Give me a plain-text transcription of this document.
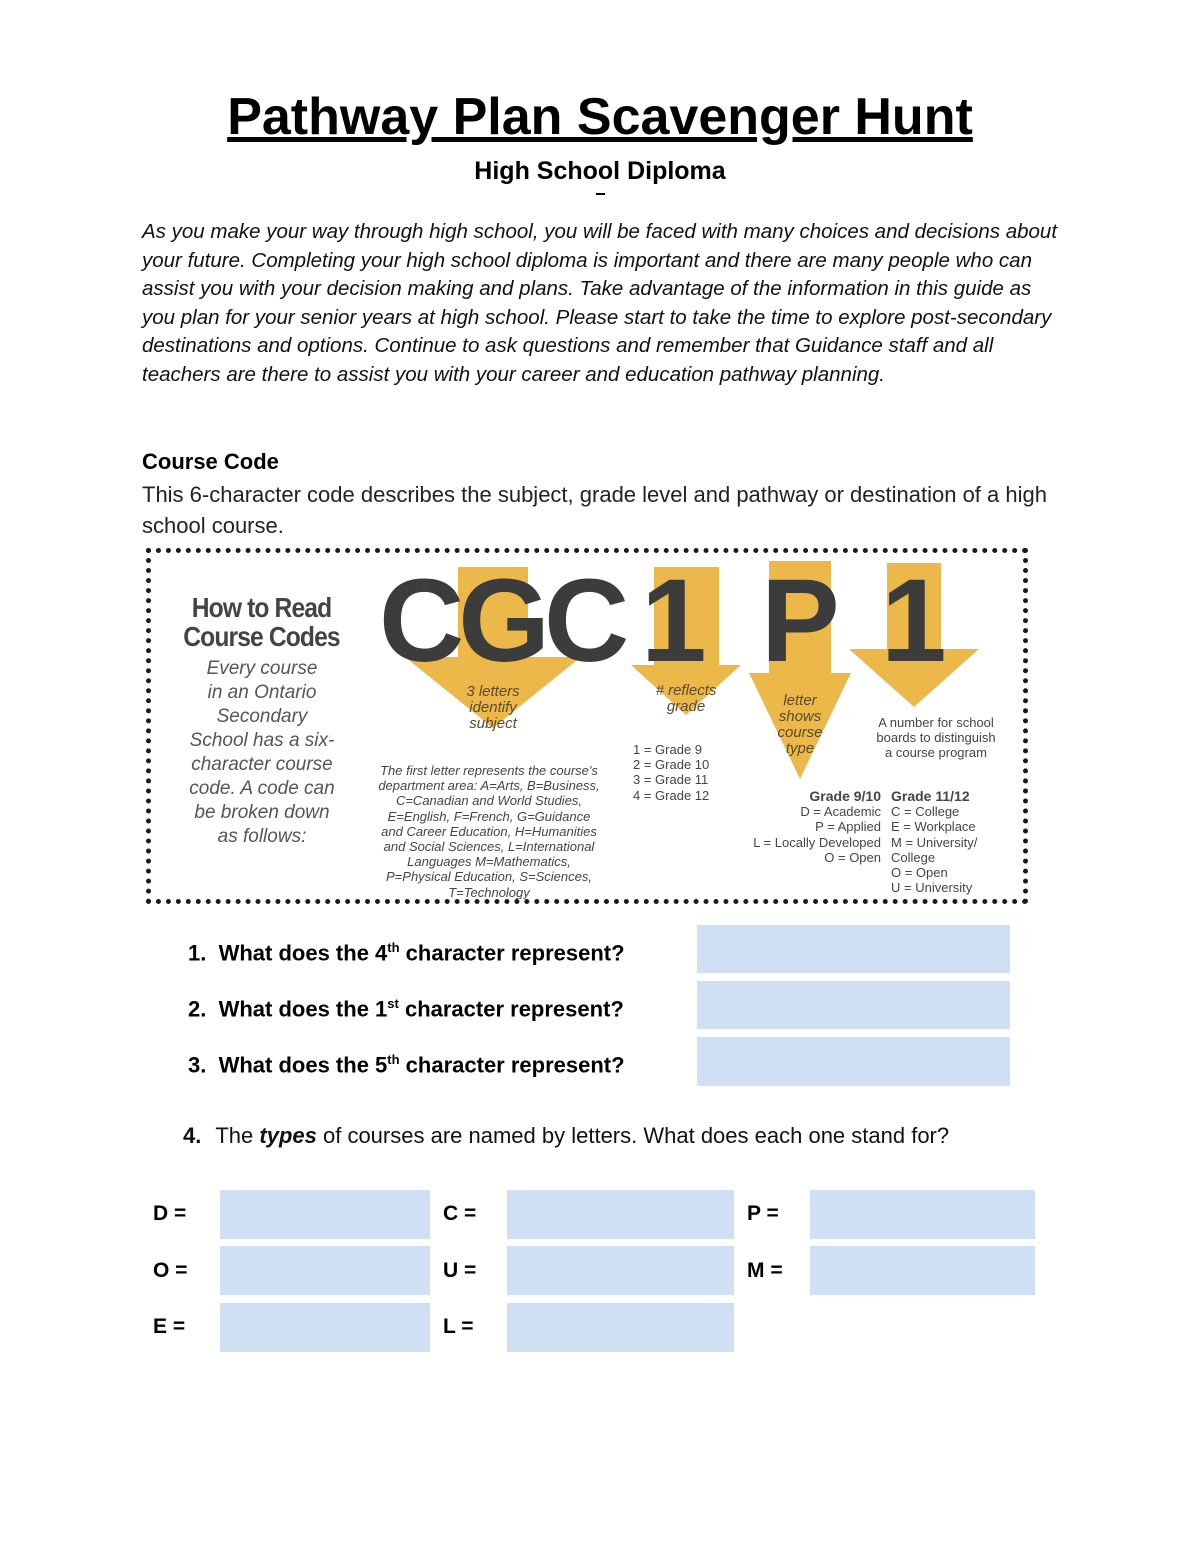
Pathway Plan Scavenger Hunt
High School Diploma

As you make your way through high school, you will be faced with many choices and decisions about your future. Completing your high school diploma is important and there are many people who can assist you with your decision making and plans. Take advantage of the information in this guide as you plan for your senior years at high school. Please start to take the time to explore post-secondary destinations and options. Continue to ask questions and remember that Guidance staff and all teachers are there to assist you with your career and education pathway planning.

Course Code

This 6-character code describes the subject, grade level and pathway or destination of a high school course.

How to Read
Course Codes
Every course
in an Ontario
Secondary
School has a six-
character course
code. A code can
be broken down
as follows:
CGC 1 P 1
3 letters
identify
subject
# reflects
grade	letter
shows
course
type
A number for school
boards to distinguish
a course program
The first letter represents the course's
department area: A=Arts, B=Business,
C=Canadian and World Studies,
E=English, F=French, G=Guidance
and Career Education, H=Humanities
and Social Sciences, L=International
Languages M=Mathematics,
P=Physical Education, S=Sciences,
T=Technology
1 = Grade 9
2 = Grade 10
3 = Grade 11
4 = Grade 12	Grade 9/10
D = Academic
P = Applied
L = Locally Developed
O = Open
Grade 11/12
C = College
E = Workplace
M = University/
College
O = Open
U = University
1. What does the 4th character represent?
2. What does the 1st character represent?
3. What does the 5th character represent?
4. The types of courses are named by letters. What does each one stand for?
D =	C =	P =
O =	U =	M =
E =	L =
